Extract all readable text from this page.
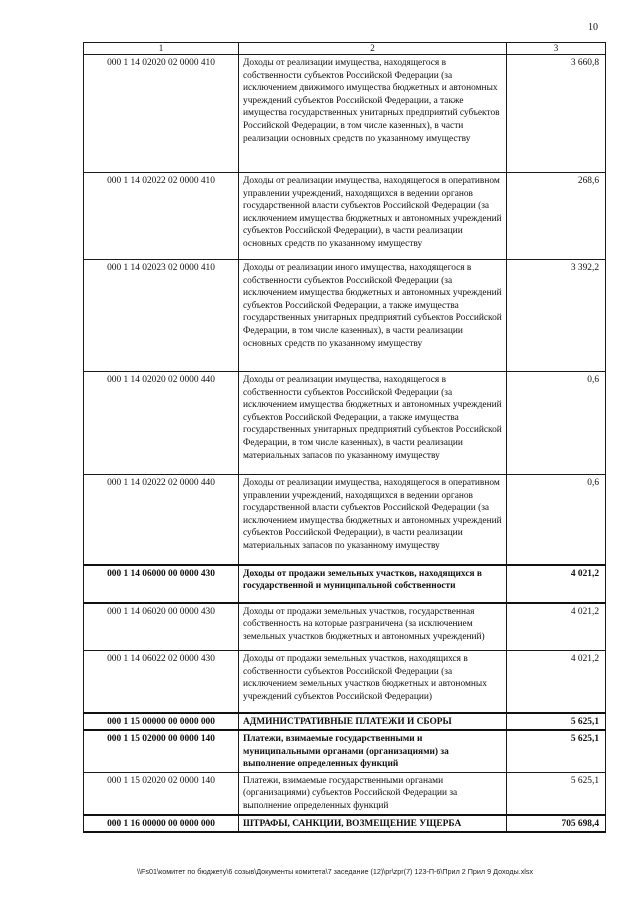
10
1	2	3
000 1 14 02020 02 0000 410	Доходы от реализации имущества, находящегося в собственности субъектов Российской Федерации (за исключением движимого имущества бюджетных и автономных учреждений субъектов Российской Федерации, а также имущества государственных унитарных предприятий субъектов Российской Федерации, в том числе казенных), в части реализации основных средств по указанному имуществу	3 660,8
000 1 14 02022 02 0000 410	Доходы от реализации имущества, находящегося в оперативном управлении учреждений, находящихся в ведении органов государственной власти субъектов Российской Федерации (за исключением имущества бюджетных и автономных учреждений субъектов Российской Федерации), в части реализации основных средств по указанному имуществу	268,6
000 1 14 02023 02 0000 410	Доходы от реализации иного имущества, находящегося в собственности субъектов Российской Федерации (за исключением имущества бюджетных и автономных учреждений субъектов Российской Федерации, а также имущества государственных унитарных предприятий субъектов Российской Федерации, в том числе казенных), в части реализации основных средств по указанному имуществу	3 392,2
000 1 14 02020 02 0000 440	Доходы от реализации имущества, находящегося в собственности субъектов Российской Федерации (за исключением имущества бюджетных и автономных учреждений субъектов Российской Федерации, а также имущества государственных унитарных предприятий субъектов Российской Федерации, в том числе казенных), в части реализации материальных запасов по указанному имуществу	0,6
000 1 14 02022 02 0000 440	Доходы от реализации имущества, находящегося в оперативном управлении учреждений, находящихся в ведении органов государственной власти субъектов Российской Федерации (за исключением имущества бюджетных и автономных учреждений субъектов Российской Федерации), в части реализации материальных запасов по указанному имуществу	0,6
000 1 14 06000 00 0000 430	Доходы от продажи земельных участков, находящихся в государственной и муниципальной собственности	4 021,2
000 1 14 06020 00 0000 430	Доходы от продажи земельных участков, государственная собственность на которые разграничена (за исключением земельных участков бюджетных и автономных учреждений)	4 021,2
000 1 14 06022 02 0000 430	Доходы от продажи земельных участков, находящихся в собственности субъектов Российской Федерации (за исключением земельных участков бюджетных и автономных учреждений субъектов Российской Федерации)	4 021,2
000 1 15 00000 00 0000 000	АДМИНИСТРАТИВНЫЕ ПЛАТЕЖИ И СБОРЫ	5 625,1
000 1 15 02000 00 0000 140	Платежи, взимаемые государственными и муниципальными органами (организациями) за выполнение определенных функций	5 625,1
000 1 15 02020 02 0000 140	Платежи, взимаемые государственными органами (организациями) субъектов Российской Федерации за выполнение определенных функций	5 625,1
000 1 16 00000 00 0000 000	ШТРАФЫ, САНКЦИИ, ВОЗМЕЩЕНИЕ УЩЕРБА	705 698,4
\\Fs01\комитет по бюджету\6 созыв\Документы комитета\7 заседание (12)\pr\zpr(7) 123-П-6\Прил 2 Прил 9 Доходы.xlsx
